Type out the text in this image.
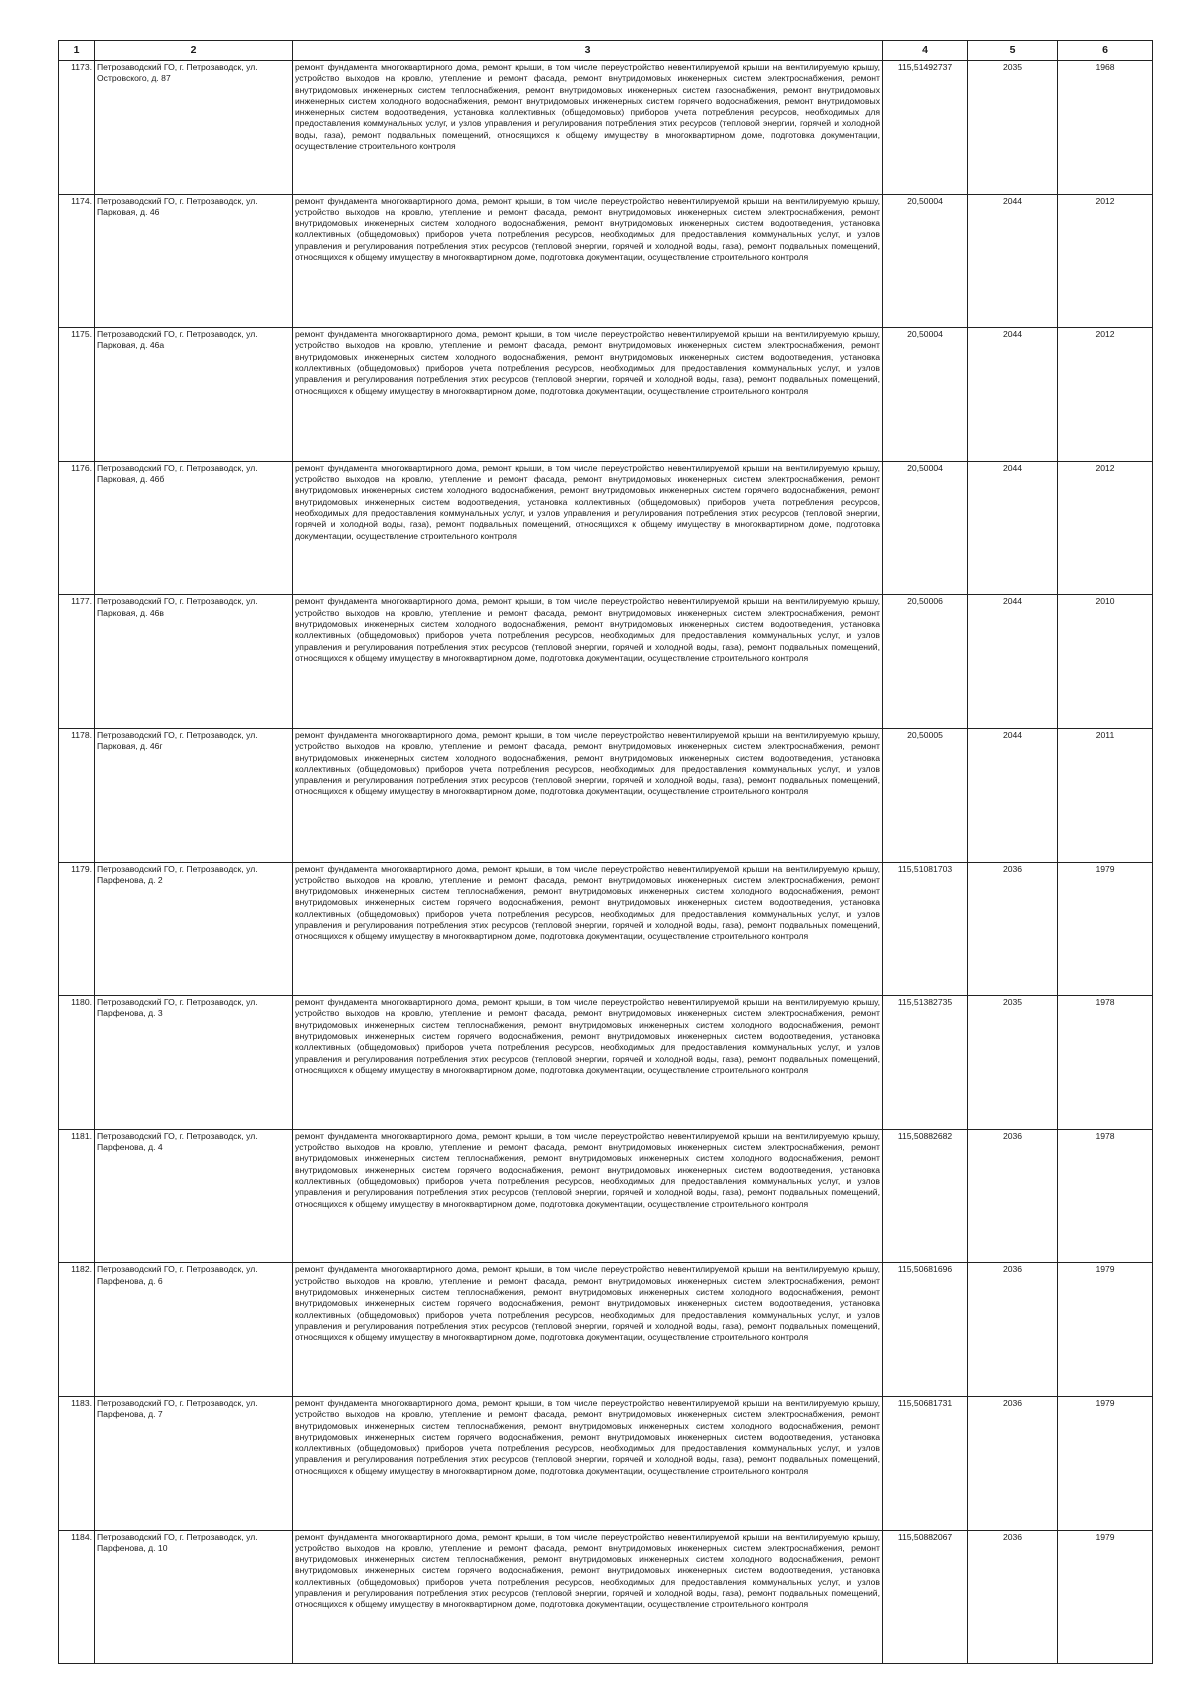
1	2	3	4	5	6
1173.	Петрозаводский ГО, г. Петрозаводск, ул. Островского, д. 87	ремонт фундамента многоквартирного дома, ремонт крыши, в том числе переустройство невентилируемой крыши на вентилируемую крышу, устройство выходов на кровлю, утепление и ремонт фасада, ремонт внутридомовых инженерных систем электроснабжения, ремонт внутридомовых инженерных систем теплоснабжения, ремонт внутридомовых инженерных систем газоснабжения, ремонт внутридомовых инженерных систем холодного водоснабжения, ремонт внутридомовых инженерных систем горячего водоснабжения, ремонт внутридомовых инженерных систем водоотведения, установка коллективных (общедомовых) приборов учета потребления ресурсов, необходимых для предоставления коммунальных услуг, и узлов управления и регулирования потребления этих ресурсов (тепловой энергии, горячей и холодной воды, газа), ремонт подвальных помещений, относящихся к общему имуществу в многоквартирном доме, подготовка документации, осуществление строительного контроля	115,51492737	2035	1968
1174.	Петрозаводский ГО, г. Петрозаводск, ул. Парковая, д. 46	ремонт фундамента многоквартирного дома, ремонт крыши, в том числе переустройство невентилируемой крыши на вентилируемую крышу, устройство выходов на кровлю, утепление и ремонт фасада, ремонт внутридомовых инженерных систем электроснабжения, ремонт внутридомовых инженерных систем холодного водоснабжения, ремонт внутридомовых инженерных систем водоотведения, установка коллективных (общедомовых) приборов учета потребления ресурсов, необходимых для предоставления коммунальных услуг, и узлов управления и регулирования потребления этих ресурсов (тепловой энергии, горячей и холодной воды, газа), ремонт подвальных помещений, относящихся к общему имуществу в многоквартирном доме, подготовка документации, осуществление строительного контроля	20,50004	2044	2012
1175.	Петрозаводский ГО, г. Петрозаводск, ул. Парковая, д. 46а	ремонт фундамента многоквартирного дома, ремонт крыши, в том числе переустройство невентилируемой крыши на вентилируемую крышу, устройство выходов на кровлю, утепление и ремонт фасада, ремонт внутридомовых инженерных систем электроснабжения, ремонт внутридомовых инженерных систем холодного водоснабжения, ремонт внутридомовых инженерных систем водоотведения, установка коллективных (общедомовых) приборов учета потребления ресурсов, необходимых для предоставления коммунальных услуг, и узлов управления и регулирования потребления этих ресурсов (тепловой энергии, горячей и холодной воды, газа), ремонт подвальных помещений, относящихся к общему имуществу в многоквартирном доме, подготовка документации, осуществление строительного контроля	20,50004	2044	2012
1176.	Петрозаводский ГО, г. Петрозаводск, ул. Парковая, д. 46б	ремонт фундамента многоквартирного дома, ремонт крыши, в том числе переустройство невентилируемой крыши на вентилируемую крышу, устройство выходов на кровлю, утепление и ремонт фасада, ремонт внутридомовых инженерных систем электроснабжения, ремонт внутридомовых инженерных систем холодного водоснабжения, ремонт внутридомовых инженерных систем горячего водоснабжения, ремонт внутридомовых инженерных систем водоотведения, установка коллективных (общедомовых) приборов учета потребления ресурсов, необходимых для предоставления коммунальных услуг, и узлов управления и регулирования потребления этих ресурсов (тепловой энергии, горячей и холодной воды, газа), ремонт подвальных помещений, относящихся к общему имуществу в многоквартирном доме, подготовка документации, осуществление строительного контроля	20,50004	2044	2012
1177.	Петрозаводский ГО, г. Петрозаводск, ул. Парковая, д. 46в	ремонт фундамента многоквартирного дома, ремонт крыши, в том числе переустройство невентилируемой крыши на вентилируемую крышу, устройство выходов на кровлю, утепление и ремонт фасада, ремонт внутридомовых инженерных систем электроснабжения, ремонт внутридомовых инженерных систем холодного водоснабжения, ремонт внутридомовых инженерных систем водоотведения, установка коллективных (общедомовых) приборов учета потребления ресурсов, необходимых для предоставления коммунальных услуг, и узлов управления и регулирования потребления этих ресурсов (тепловой энергии, горячей и холодной воды, газа), ремонт подвальных помещений, относящихся к общему имуществу в многоквартирном доме, подготовка документации, осуществление строительного контроля	20,50006	2044	2010
1178.	Петрозаводский ГО, г. Петрозаводск, ул. Парковая, д. 46г	ремонт фундамента многоквартирного дома, ремонт крыши, в том числе переустройство невентилируемой крыши на вентилируемую крышу, устройство выходов на кровлю, утепление и ремонт фасада, ремонт внутридомовых инженерных систем электроснабжения, ремонт внутридомовых инженерных систем холодного водоснабжения, ремонт внутридомовых инженерных систем водоотведения, установка коллективных (общедомовых) приборов учета потребления ресурсов, необходимых для предоставления коммунальных услуг, и узлов управления и регулирования потребления этих ресурсов (тепловой энергии, горячей и холодной воды, газа), ремонт подвальных помещений, относящихся к общему имуществу в многоквартирном доме, подготовка документации, осуществление строительного контроля	20,50005	2044	2011
1179.	Петрозаводский ГО, г. Петрозаводск, ул. Парфенова, д. 2	ремонт фундамента многоквартирного дома, ремонт крыши, в том числе переустройство невентилируемой крыши на вентилируемую крышу, устройство выходов на кровлю, утепление и ремонт фасада, ремонт внутридомовых инженерных систем электроснабжения, ремонт внутридомовых инженерных систем теплоснабжения, ремонт внутридомовых инженерных систем холодного водоснабжения, ремонт внутридомовых инженерных систем горячего водоснабжения, ремонт внутридомовых инженерных систем водоотведения, установка коллективных (общедомовых) приборов учета потребления ресурсов, необходимых для предоставления коммунальных услуг, и узлов управления и регулирования потребления этих ресурсов (тепловой энергии, горячей и холодной воды, газа), ремонт подвальных помещений, относящихся к общему имуществу в многоквартирном доме, подготовка документации, осуществление строительного контроля	115,51081703	2036	1979
1180.	Петрозаводский ГО, г. Петрозаводск, ул. Парфенова, д. 3	ремонт фундамента многоквартирного дома, ремонт крыши, в том числе переустройство невентилируемой крыши на вентилируемую крышу, устройство выходов на кровлю, утепление и ремонт фасада, ремонт внутридомовых инженерных систем электроснабжения, ремонт внутридомовых инженерных систем теплоснабжения, ремонт внутридомовых инженерных систем холодного водоснабжения, ремонт внутридомовых инженерных систем горячего водоснабжения, ремонт внутридомовых инженерных систем водоотведения, установка коллективных (общедомовых) приборов учета потребления ресурсов, необходимых для предоставления коммунальных услуг, и узлов управления и регулирования потребления этих ресурсов (тепловой энергии, горячей и холодной воды, газа), ремонт подвальных помещений, относящихся к общему имуществу в многоквартирном доме, подготовка документации, осуществление строительного контроля	115,51382735	2035	1978
1181.	Петрозаводский ГО, г. Петрозаводск, ул. Парфенова, д. 4	ремонт фундамента многоквартирного дома, ремонт крыши, в том числе переустройство невентилируемой крыши на вентилируемую крышу, устройство выходов на кровлю, утепление и ремонт фасада, ремонт внутридомовых инженерных систем электроснабжения, ремонт внутридомовых инженерных систем теплоснабжения, ремонт внутридомовых инженерных систем холодного водоснабжения, ремонт внутридомовых инженерных систем горячего водоснабжения, ремонт внутридомовых инженерных систем водоотведения, установка коллективных (общедомовых) приборов учета потребления ресурсов, необходимых для предоставления коммунальных услуг, и узлов управления и регулирования потребления этих ресурсов (тепловой энергии, горячей и холодной воды, газа), ремонт подвальных помещений, относящихся к общему имуществу в многоквартирном доме, подготовка документации, осуществление строительного контроля	115,50882682	2036	1978
1182.	Петрозаводский ГО, г. Петрозаводск, ул. Парфенова, д. 6	ремонт фундамента многоквартирного дома, ремонт крыши, в том числе переустройство невентилируемой крыши на вентилируемую крышу, устройство выходов на кровлю, утепление и ремонт фасада, ремонт внутридомовых инженерных систем электроснабжения, ремонт внутридомовых инженерных систем теплоснабжения, ремонт внутридомовых инженерных систем холодного водоснабжения, ремонт внутридомовых инженерных систем горячего водоснабжения, ремонт внутридомовых инженерных систем водоотведения, установка коллективных (общедомовых) приборов учета потребления ресурсов, необходимых для предоставления коммунальных услуг, и узлов управления и регулирования потребления этих ресурсов (тепловой энергии, горячей и холодной воды, газа), ремонт подвальных помещений, относящихся к общему имуществу в многоквартирном доме, подготовка документации, осуществление строительного контроля	115,50681696	2036	1979
1183.	Петрозаводский ГО, г. Петрозаводск, ул. Парфенова, д. 7	ремонт фундамента многоквартирного дома, ремонт крыши, в том числе переустройство невентилируемой крыши на вентилируемую крышу, устройство выходов на кровлю, утепление и ремонт фасада, ремонт внутридомовых инженерных систем электроснабжения, ремонт внутридомовых инженерных систем теплоснабжения, ремонт внутридомовых инженерных систем холодного водоснабжения, ремонт внутридомовых инженерных систем горячего водоснабжения, ремонт внутридомовых инженерных систем водоотведения, установка коллективных (общедомовых) приборов учета потребления ресурсов, необходимых для предоставления коммунальных услуг, и узлов управления и регулирования потребления этих ресурсов (тепловой энергии, горячей и холодной воды, газа), ремонт подвальных помещений, относящихся к общему имуществу в многоквартирном доме, подготовка документации, осуществление строительного контроля	115,50681731	2036	1979
1184.	Петрозаводский ГО, г. Петрозаводск, ул. Парфенова, д. 10	ремонт фундамента многоквартирного дома, ремонт крыши, в том числе переустройство невентилируемой крыши на вентилируемую крышу, устройство выходов на кровлю, утепление и ремонт фасада, ремонт внутридомовых инженерных систем электроснабжения, ремонт внутридомовых инженерных систем теплоснабжения, ремонт внутридомовых инженерных систем холодного водоснабжения, ремонт внутридомовых инженерных систем горячего водоснабжения, ремонт внутридомовых инженерных систем водоотведения, установка коллективных (общедомовых) приборов учета потребления ресурсов, необходимых для предоставления коммунальных услуг, и узлов управления и регулирования потребления этих ресурсов (тепловой энергии, горячей и холодной воды, газа), ремонт подвальных помещений, относящихся к общему имуществу в многоквартирном доме, подготовка документации, осуществление строительного контроля	115,50882067	2036	1979
